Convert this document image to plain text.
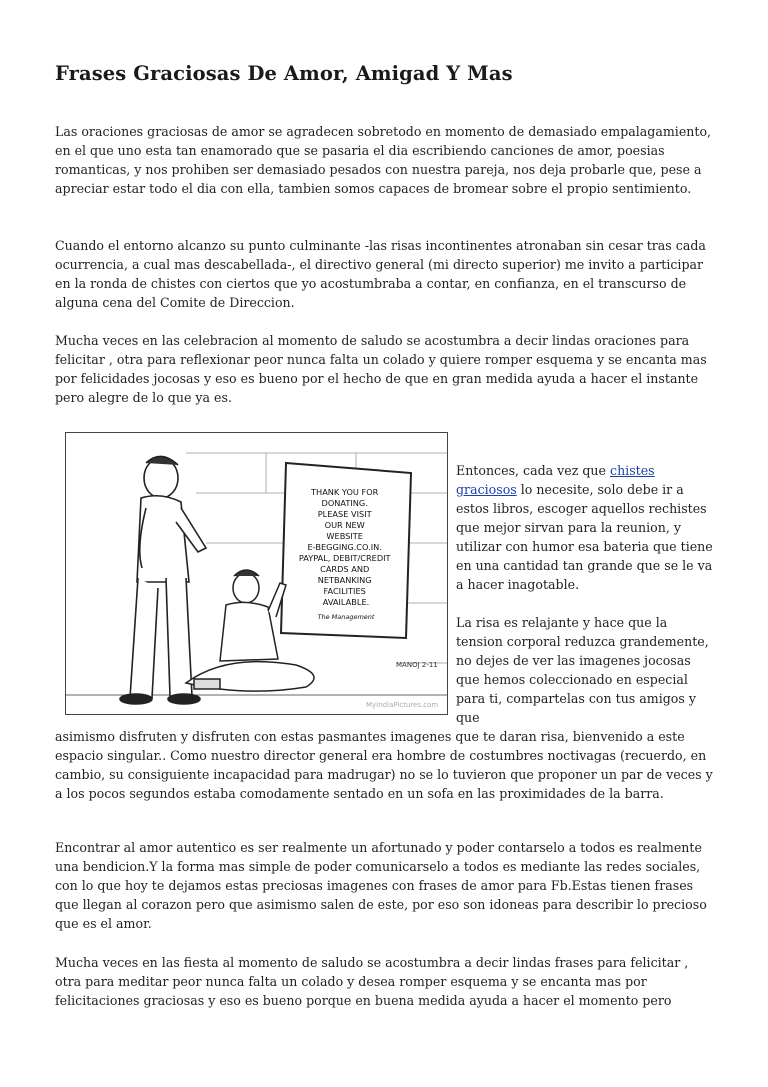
Frases Graciosas De Amor, Amigad Y Mas

Las oraciones graciosas de amor se agradecen sobretodo en momento de demasiado empalagamiento, en el que uno esta tan enamorado que se pasaria el dia escribiendo canciones de amor, poesias romanticas, y nos prohiben ser demasiado pesados con nuestra pareja, nos deja probarle que, pese a apreciar estar todo el dia con ella, tambien somos capaces de bromear sobre el propio sentimiento.

Cuando el entorno alcanzo su punto culminante -las risas incontinentes atronaban sin cesar tras cada ocurrencia, a cual mas descabellada-, el directivo general (mi directo superior) me invito a participar en la ronda de chistes con ciertos que yo acostumbraba a contar, en confianza, en el transcurso de alguna cena del Comite de Direccion.

Mucha veces en las celebracion al momento de saludo se acostumbra a decir lindas oraciones para felicitar , otra para reflexionar peor nunca falta un colado y quiere romper esquema y se encanta mas por felicidades jocosas y eso es bueno por el hecho de que en gran medida ayuda a hacer el instante pero alegre de lo que ya es.

THANK YOU FOR DONATING. PLEASE VISIT OUR NEW WEBSITE E-BEGGING.CO.IN. PAYPAL, DEBIT/CREDIT CARDS AND NETBANKING FACILITIES AVAILABLE.
The Management
MANOJ 2-11
MyIndiaPictures.com

Entonces, cada vez que chistes graciosos lo necesite, solo debe ir a estos libros, escoger aquellos rechistes que mejor sirvan para la reunion, y utilizar con humor esa bateria que tiene en una cantidad tan grande que se le va a hacer inagotable.

La risa es relajante y hace que la tension corporal reduzca grandemente, no dejes de ver las imagenes jocosas que hemos coleccionado en especial para ti, compartelas con tus amigos y que

asimismo disfruten y disfruten con estas pasmantes imagenes que te daran risa, bienvenido a este espacio singular.. Como nuestro director general era hombre de costumbres noctivagas (recuerdo, en cambio, su consiguiente incapacidad para madrugar) no se lo tuvieron que proponer un par de veces y a los pocos segundos estaba comodamente sentado en un sofa en las proximidades de la barra.

Encontrar al amor autentico es ser realmente un afortunado y poder contarselo a todos es realmente una bendicion.Y la forma mas simple de poder comunicarselo a todos es mediante las redes sociales, con lo que hoy te dejamos estas preciosas imagenes con frases de amor para Fb.Estas tienen frases que llegan al corazon pero que asimismo salen de este, por eso son idoneas para describir lo precioso que es el amor.

Mucha veces en las fiesta al momento de saludo se acostumbra a decir lindas frases para felicitar , otra para meditar peor nunca falta un colado y desea romper esquema y se encanta mas por felicitaciones graciosas y eso es bueno porque en buena medida ayuda a hacer el momento pero
